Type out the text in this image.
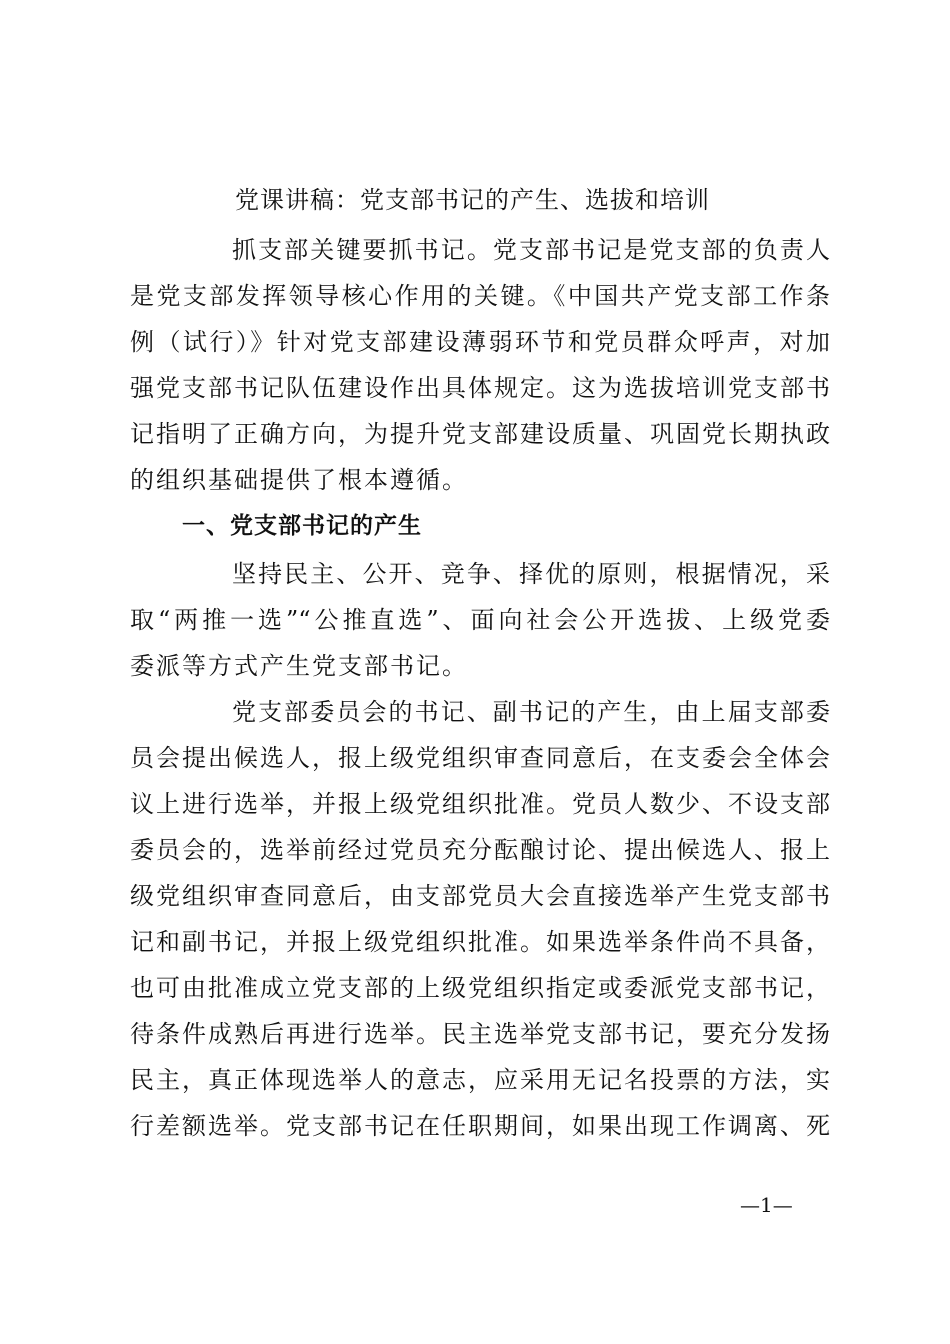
党课讲稿：党支部书记的产生、选拔和培训
抓支部关键要抓书记。党支部书记是党支部的负责人
是党支部发挥领导核心作用的关键。《中国共产党支部工作条
例（试行）》针对党支部建设薄弱环节和党员群众呼声，对加
强党支部书记队伍建设作出具体规定。这为选拔培训党支部书
记指明了正确方向，为提升党支部建设质量、巩固党长期执政
的组织基础提供了根本遵循。
一、党支部书记的产生
坚持民主、公开、竞争、择优的原则，根据情况，采
取“两推一选”“公推直选”、面向社会公开选拔、上级党委
委派等方式产生党支部书记。
党支部委员会的书记、副书记的产生，由上届支部委
员会提出候选人，报上级党组织审查同意后，在支委会全体会
议上进行选举，并报上级党组织批准。党员人数少、不设支部
委员会的，选举前经过党员充分酝酿讨论、提出候选人、报上
级党组织审查同意后，由支部党员大会直接选举产生党支部书
记和副书记，并报上级党组织批准。如果选举条件尚不具备，
也可由批准成立党支部的上级党组织指定或委派党支部书记，
待条件成熟后再进行选举。民主选举党支部书记，要充分发扬
民主，真正体现选举人的意志，应采用无记名投票的方法，实
行差额选举。党支部书记在任职期间，如果出现工作调离、死
—1—
